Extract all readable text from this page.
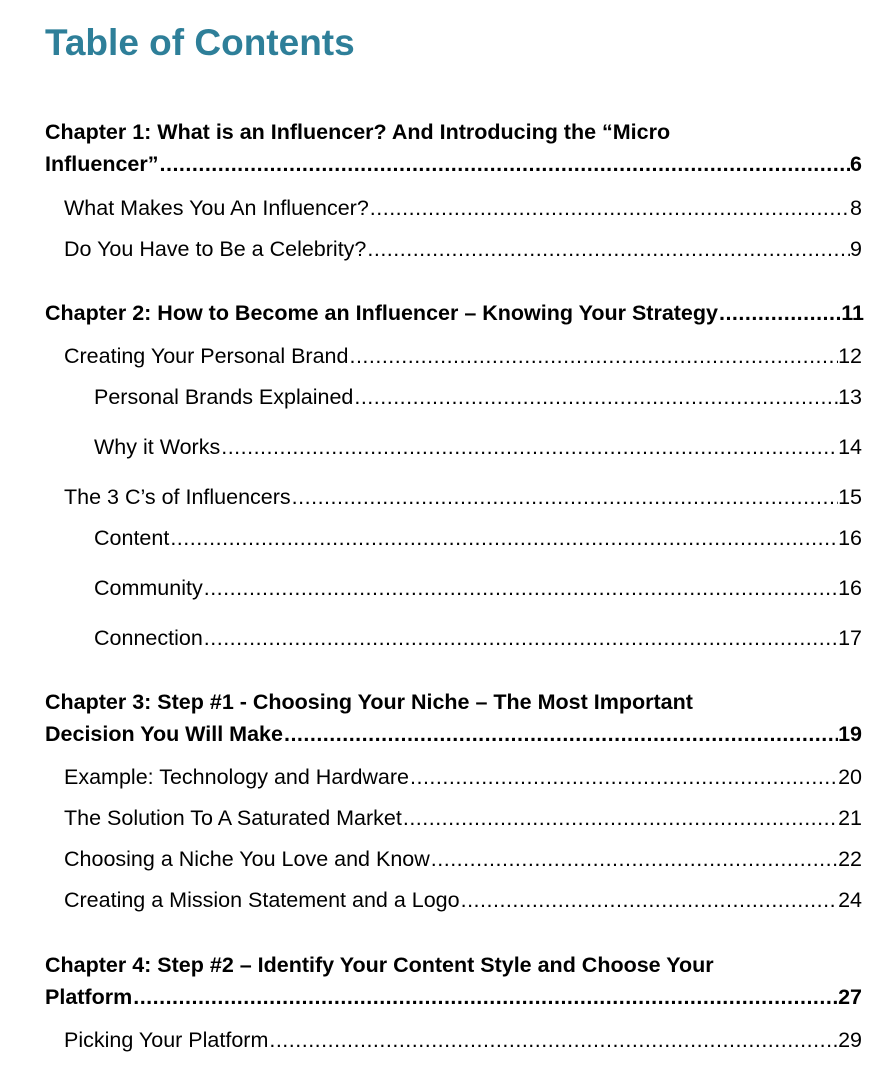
Table of Contents
Chapter 1: What is an Influencer? And Introducing the “Micro
Influencer” .....	6
What Makes You An Influencer? .....	8
Do You Have to Be a Celebrity? .....	9
Chapter 2: How to Become an Influencer – Knowing Your Strategy .....	11
Creating Your Personal Brand .....	12
Personal Brands Explained .....	13
Why it Works .....	14
The 3 C’s of Influencers .....	15
Content .....	16
Community .....	16
Connection .....	17
Chapter 3: Step #1 - Choosing Your Niche – The Most Important
Decision You Will Make .....	19
Example: Technology and Hardware .....	20
The Solution To A Saturated Market .....	21
Choosing a Niche You Love and Know .....	22
Creating a Mission Statement and a Logo .....	24
Chapter 4: Step #2 – Identify Your Content Style and Choose Your
Platform .....	27
Picking Your Platform .....	29
